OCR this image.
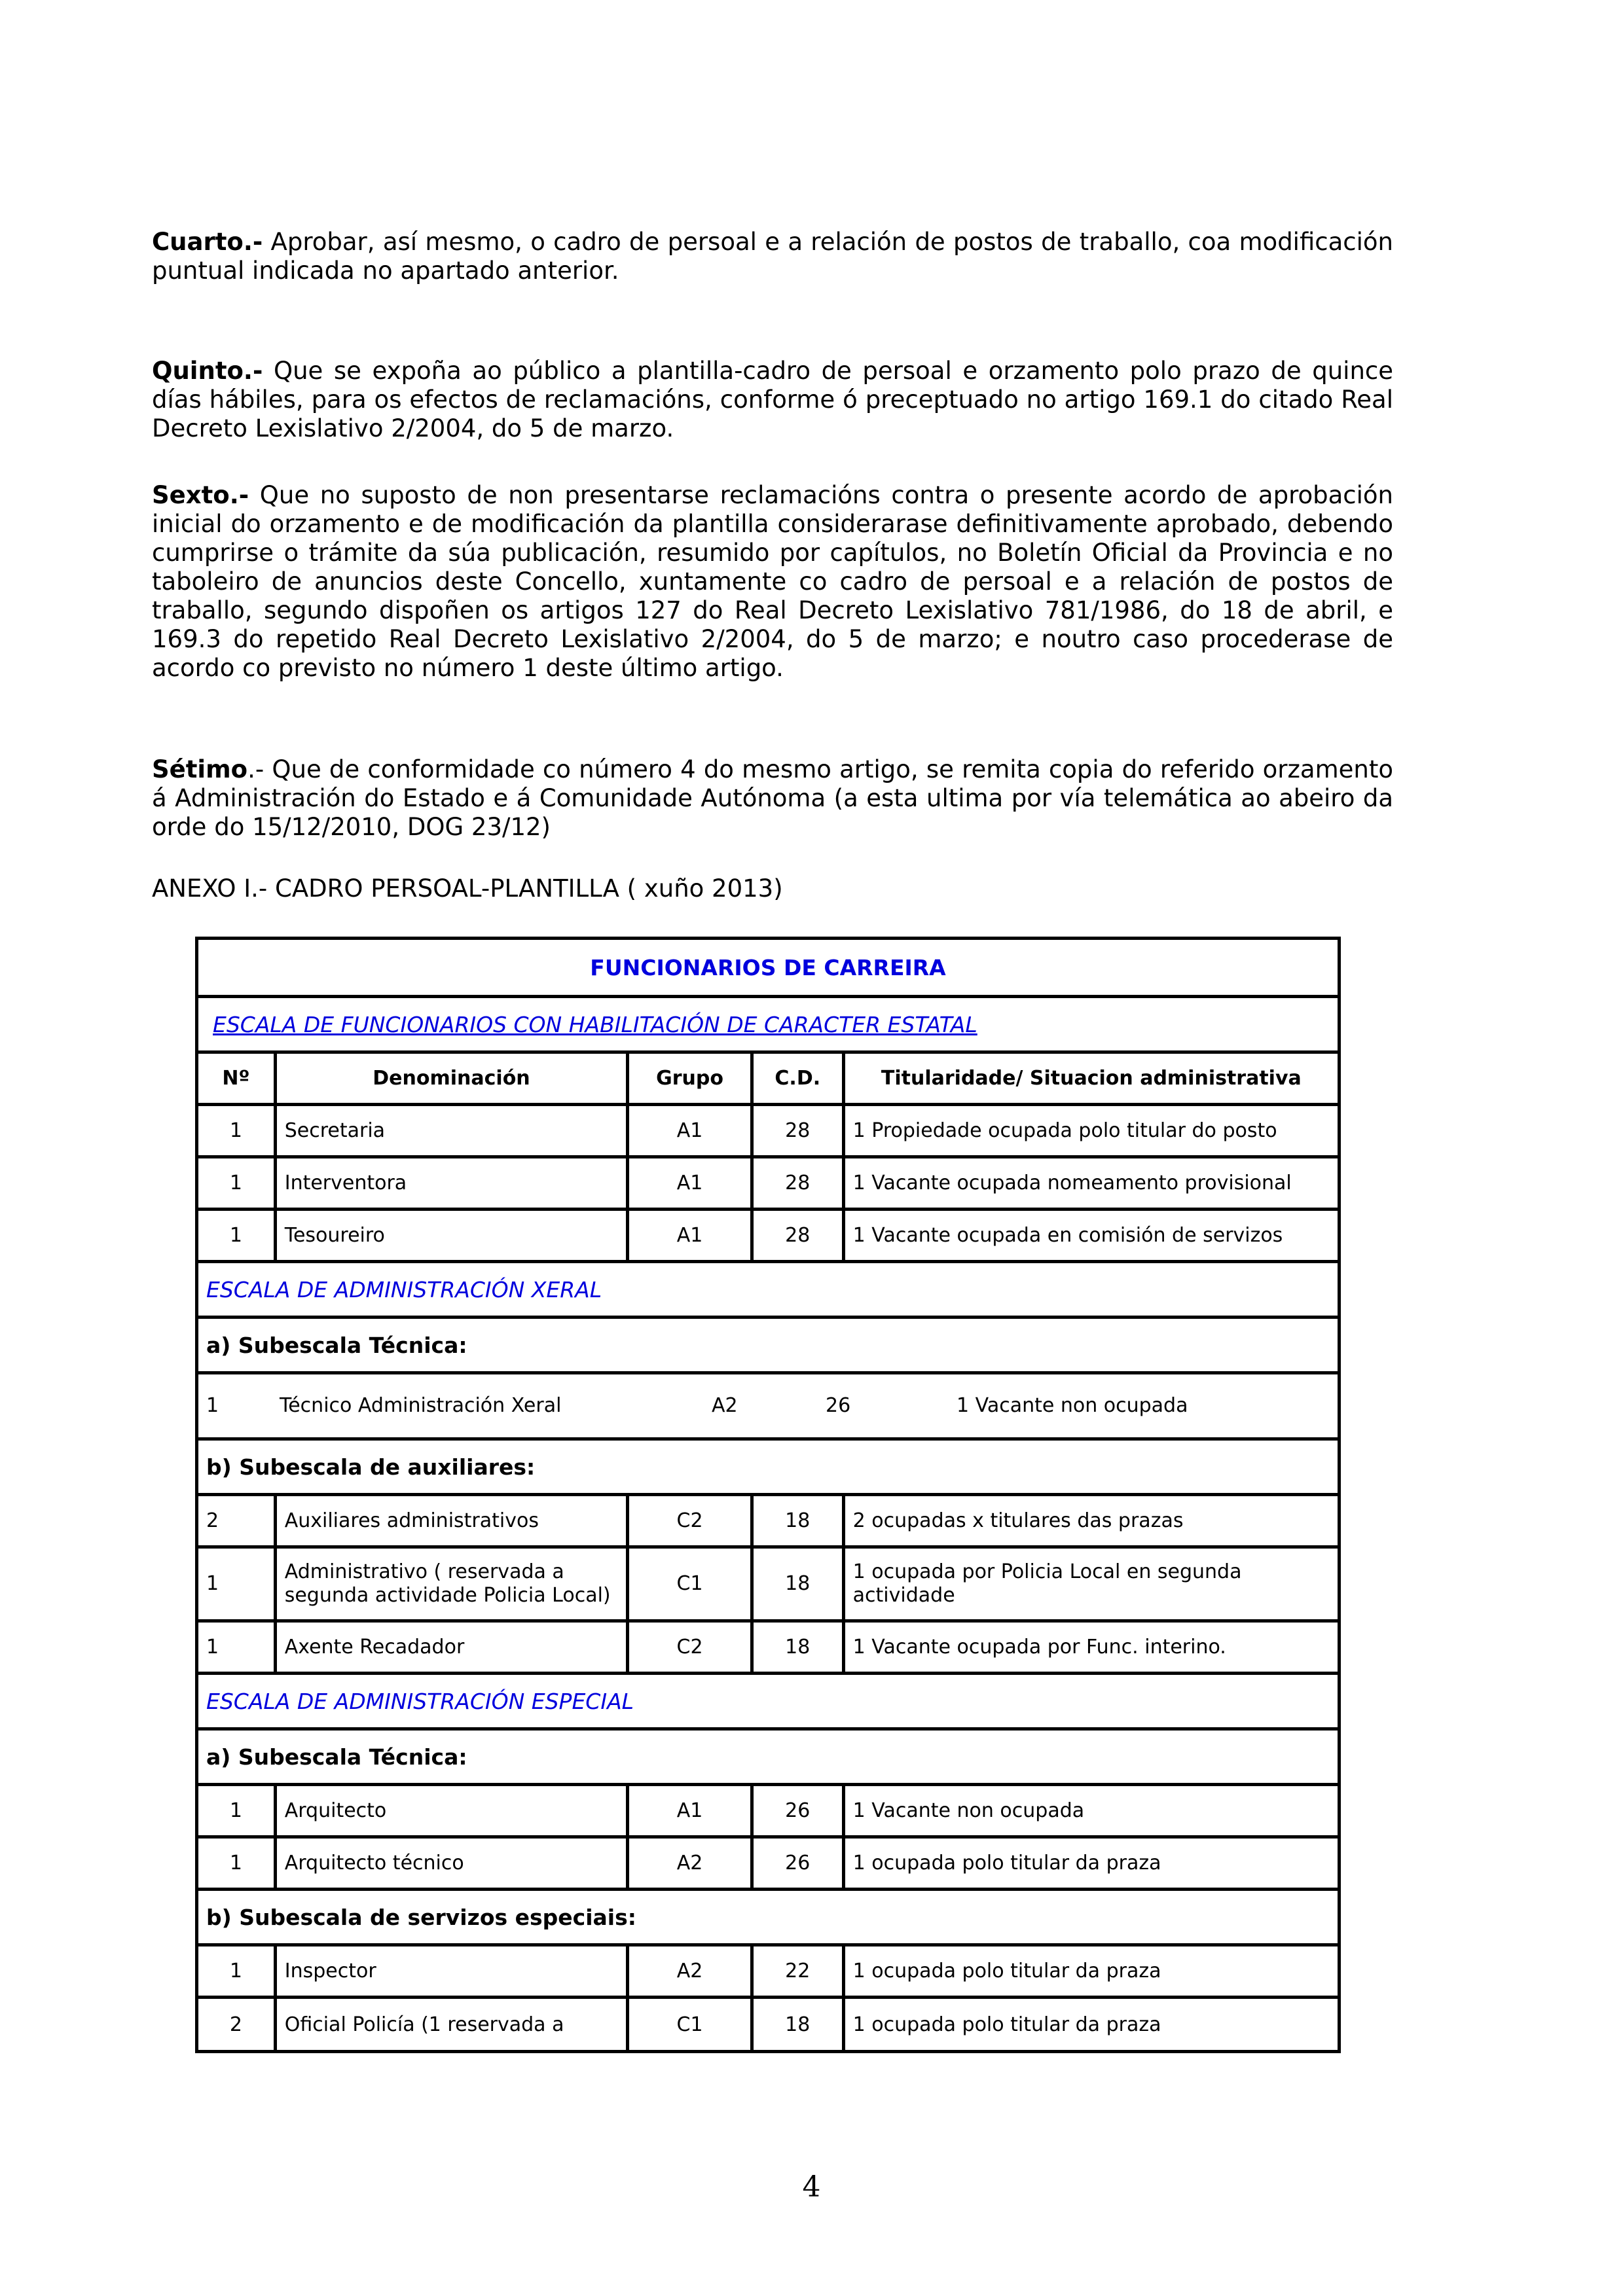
Cuarto.- Aprobar, así mesmo, o cadro de persoal e a relación de postos de traballo, coa modificación puntual indicada no apartado anterior.

Quinto.- Que se expoña ao público a plantilla-cadro de persoal e orzamento polo prazo de quince días hábiles, para os efectos de reclamacións, conforme ó preceptuado no artigo 169.1 do citado Real Decreto Lexislativo 2/2004, do 5 de marzo.

Sexto.- Que no suposto de non presentarse reclamacións contra o presente acordo de aprobación inicial do orzamento e de modificación da plantilla considerarase definitivamente aprobado, debendo cumprirse o trámite da súa publicación, resumido por capítulos, no Boletín Oficial da Provincia e no taboleiro de anuncios deste Concello, xuntamente co cadro de persoal e a relación de postos de traballo, segundo dispoñen os artigos 127 do Real Decreto Lexislativo 781/1986, do 18 de abril, e 169.3 do repetido Real Decreto Lexislativo 2/2004, do 5 de marzo; e noutro caso procederase de acordo co previsto no número 1 deste último artigo.

Sétimo.- Que de conformidade co número 4 do mesmo artigo, se remita copia do referido orzamento á Administración do Estado e á Comunidade Autónoma (a esta ultima por vía telemática ao abeiro da orde do 15/12/2010, DOG 23/12)

ANEXO I.- CADRO PERSOAL-PLANTILLA ( xuño 2013)

FUNCIONARIOS DE CARREIRA				
ESCALA DE FUNCIONARIOS CON HABILITACIÓN DE CARACTER ESTATAL				
Nº	Denominación	Grupo	C.D.	Titularidade/ Situacion administrativa
1	Secretaria	A1	28	1 Propiedade ocupada polo titular do posto
1	Interventora	A1	28	1 Vacante ocupada nomeamento provisional
1	Tesoureiro	A1	28	1 Vacante ocupada en comisión de servizos
ESCALA DE ADMINISTRACIÓN XERAL				
a) Subescala Técnica:				

1 Técnico Administración Xeral A2 26 1 Vacante non ocupada				

b) Subescala de auxiliares:				
2	Auxiliares administrativos	C2	18	2 ocupadas x titulares das prazas
1	Administrativo ( reservada a segunda actividade Policia Local)	C1	18	1 ocupada por Policia Local en segunda actividade
1	Axente Recadador	C2	18	1 Vacante ocupada por Func. interino.
ESCALA DE ADMINISTRACIÓN ESPECIAL				
a) Subescala Técnica:				
1	Arquitecto	A1	26	1 Vacante non ocupada
1	Arquitecto técnico	A2	26	1 ocupada polo titular da praza
b) Subescala de servizos especiais:				
1	Inspector	A2	22	1 ocupada polo titular da praza
2	Oficial Policía (1 reservada a	C1	18	1 ocupada polo titular da praza
4
